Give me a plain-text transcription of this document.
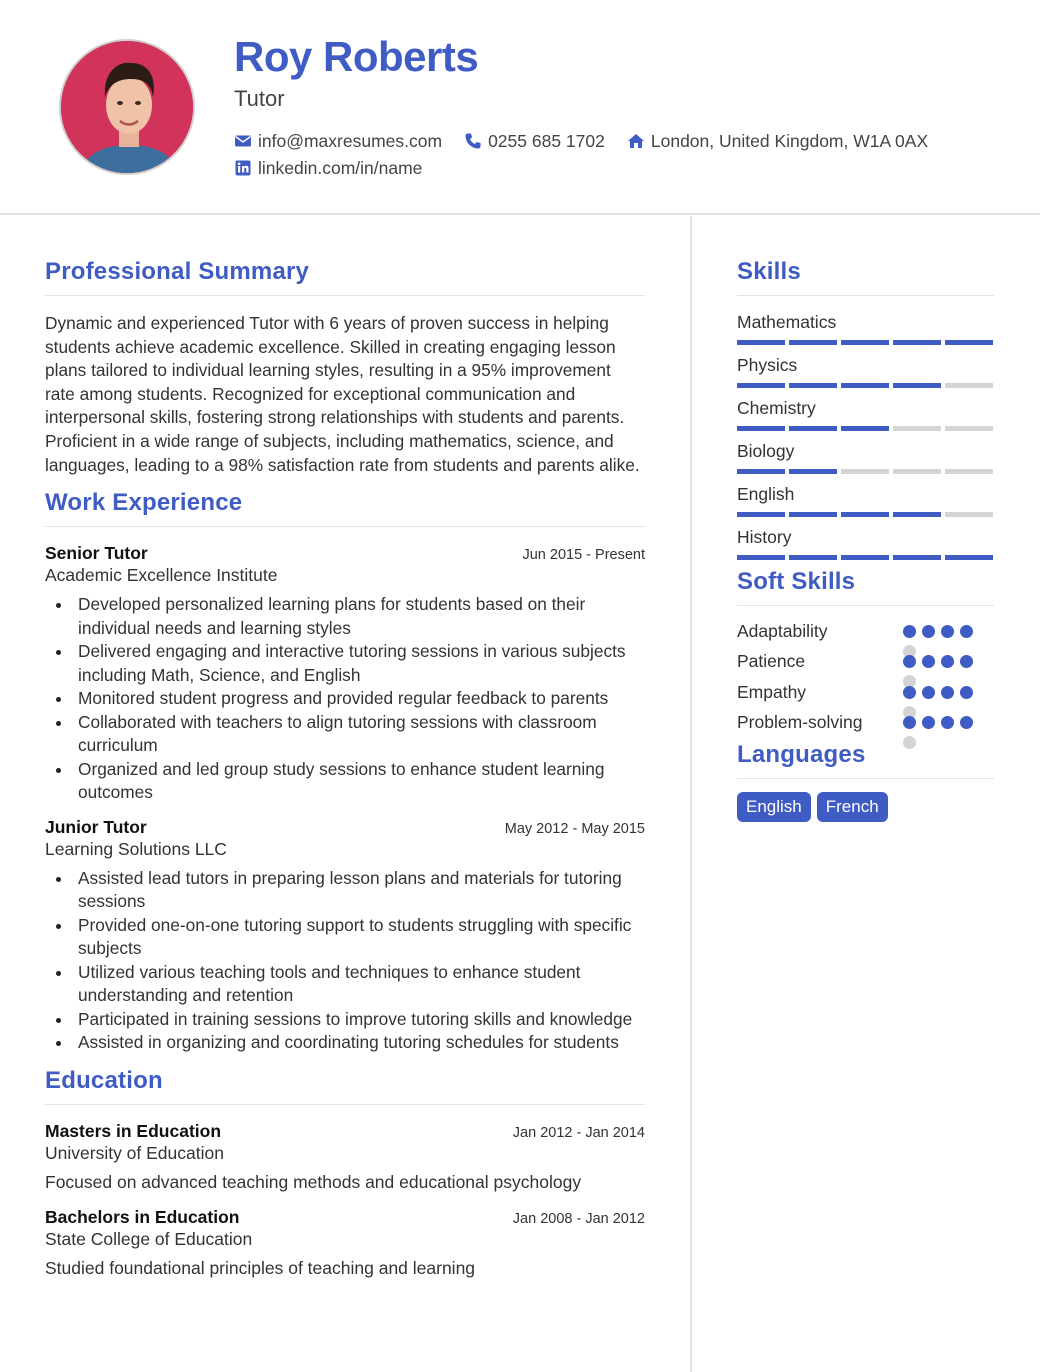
Roy Roberts
Tutor
info@maxresumes.com	0255 685 1702	London, United Kingdom, W1A 0AX
linkedin.com/in/name
Professional Summary

Dynamic and experienced Tutor with 6 years of proven success in helping students achieve academic excellence. Skilled in creating engaging lesson plans tailored to individual learning styles, resulting in a 95% improvement rate among students. Recognized for exceptional communication and interpersonal skills, fostering strong relationships with students and parents. Proficient in a wide range of subjects, including mathematics, science, and languages, leading to a 98% satisfaction rate from students and parents alike.

Work Experience
Senior Tutor	Jun 2015 - Present
Academic Excellence Institute
Developed personalized learning plans for students based on their individual needs and learning styles
Delivered engaging and interactive tutoring sessions in various subjects including Math, Science, and English
Monitored student progress and provided regular feedback to parents
Collaborated with teachers to align tutoring sessions with classroom curriculum
Organized and led group study sessions to enhance student learning outcomes
Junior Tutor	May 2012 - May 2015
Learning Solutions LLC
Assisted lead tutors in preparing lesson plans and materials for tutoring sessions
Provided one-on-one tutoring support to students struggling with specific subjects
Utilized various teaching tools and techniques to enhance student understanding and retention
Participated in training sessions to improve tutoring skills and knowledge
Assisted in organizing and coordinating tutoring schedules for students
Education
Masters in Education	Jan 2012 - Jan 2014
University of Education
Focused on advanced teaching methods and educational psychology
Bachelors in Education	Jan 2008 - Jan 2012
State College of Education
Studied foundational principles of teaching and learning
Skills
Mathematics
Physics
Chemistry
Biology
English
History
Soft Skills
Adaptability
Patience
Empathy
Problem-solving
Languages
English	French
